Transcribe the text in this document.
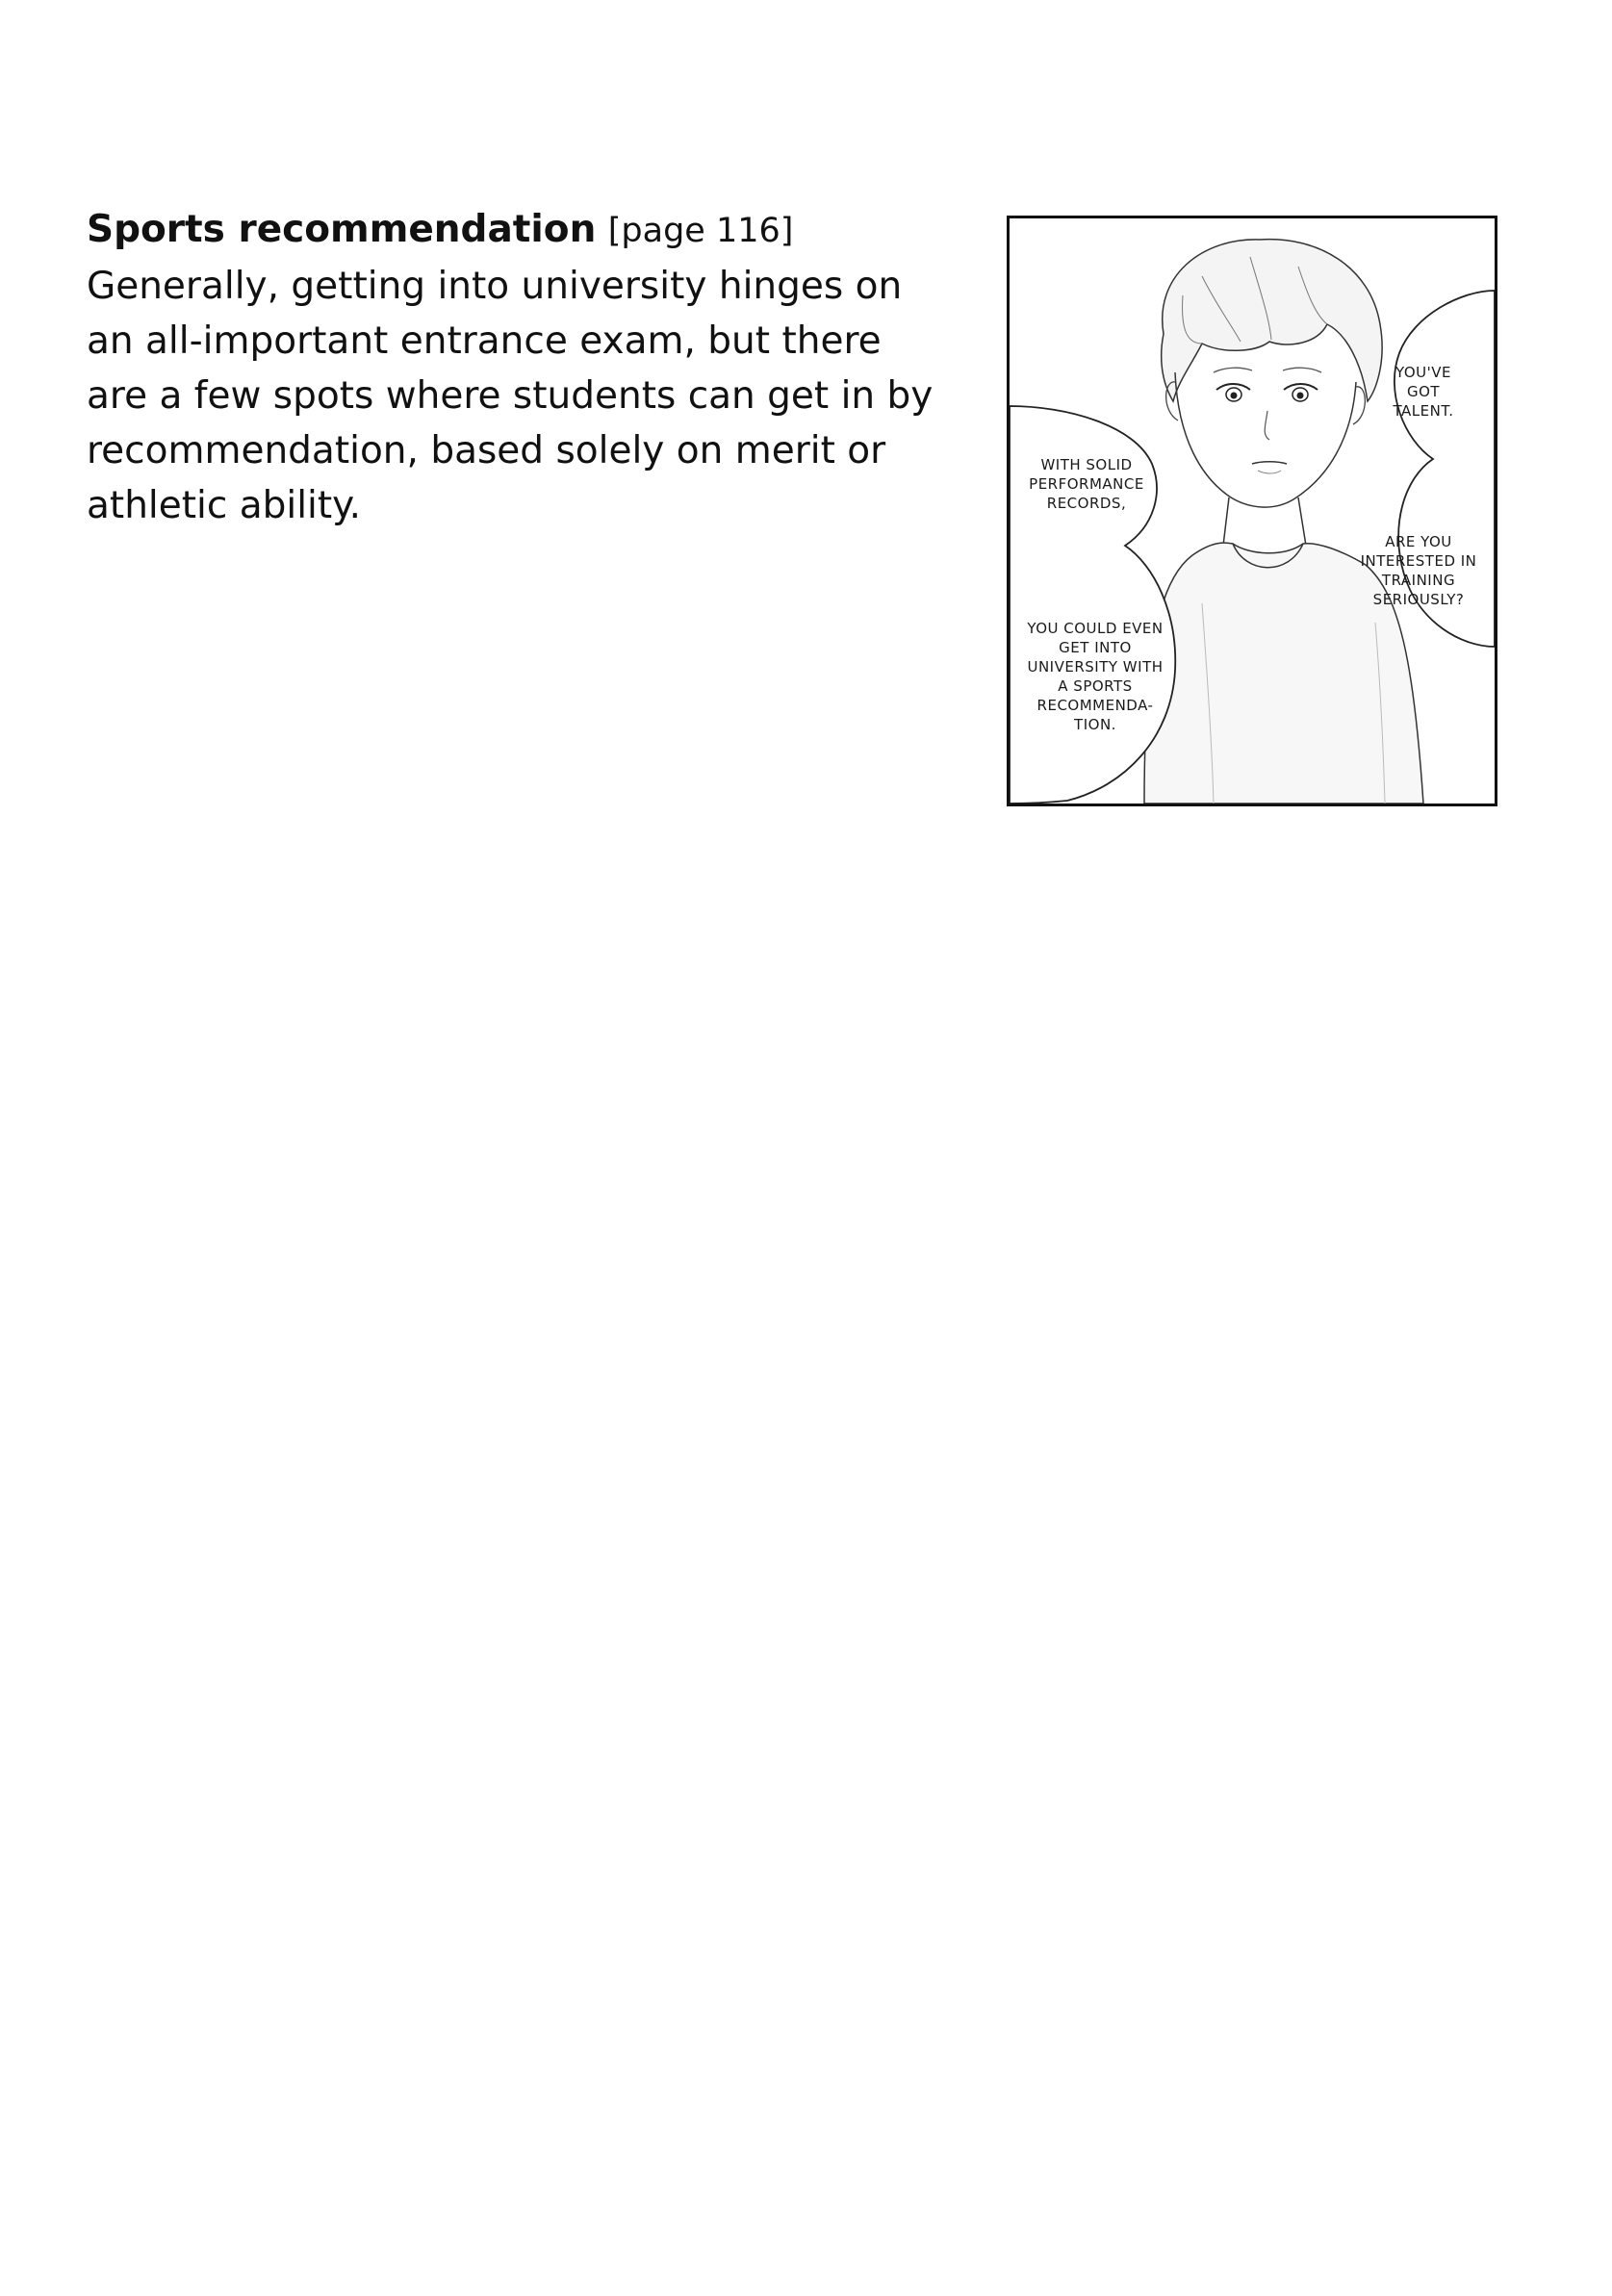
Sports recommendation [page 116]
Generally, getting into university hinges on an all-important entrance exam, but there are a few spots where students can get in by recommendation, based solely on merit or athletic ability.
YOU'VE GOT TALENT.
WITH SOLID PERFORMANCE RECORDS,
ARE YOU INTERESTED IN TRAINING SERIOUSLY?
YOU COULD EVEN GET INTO UNIVERSITY WITH A SPORTS RECOMMENDA- TION.
